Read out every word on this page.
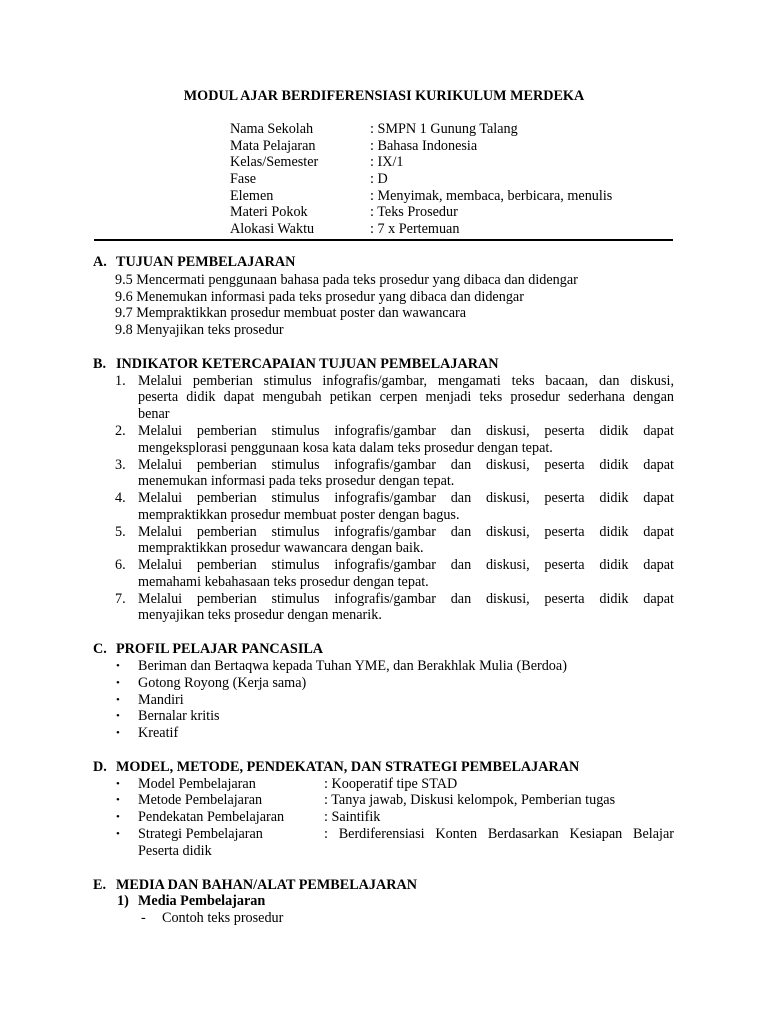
MODUL AJAR BERDIFERENSIASI KURIKULUM MERDEKA
Nama Sekolah	: SMPN 1 Gunung Talang
Mata Pelajaran	: Bahasa Indonesia
Kelas/Semester	: IX/1
Fase	: D
Elemen	: Menyimak, membaca, berbicara, menulis
Materi Pokok	: Teks Prosedur
Alokasi Waktu	: 7 x Pertemuan
A. TUJUAN PEMBELAJARAN
9.5 Mencermati penggunaan bahasa pada teks prosedur yang dibaca dan didengar
9.6 Menemukan informasi pada teks prosedur yang dibaca dan didengar
9.7 Mempraktikkan prosedur membuat poster dan wawancara
9.8 Menyajikan teks prosedur
B. INDIKATOR KETERCAPAIAN TUJUAN PEMBELAJARAN
1. Melalui pemberian stimulus infografis/gambar, mengamati teks bacaan, dan diskusi,
peserta didik dapat mengubah petikan cerpen menjadi teks prosedur sederhana dengan
benar
2. Melalui pemberian stimulus infografis/gambar dan diskusi, peserta didik dapat
mengeksplorasi penggunaan kosa kata dalam teks prosedur dengan tepat.
3. Melalui pemberian stimulus infografis/gambar dan diskusi, peserta didik dapat
menemukan informasi pada teks prosedur dengan tepat.
4. Melalui pemberian stimulus infografis/gambar dan diskusi, peserta didik dapat
mempraktikkan prosedur membuat poster dengan bagus.
5. Melalui pemberian stimulus infografis/gambar dan diskusi, peserta didik dapat
mempraktikkan prosedur wawancara dengan baik.
6. Melalui pemberian stimulus infografis/gambar dan diskusi, peserta didik dapat
memahami kebahasaan teks prosedur dengan tepat.
7. Melalui pemberian stimulus infografis/gambar dan diskusi, peserta didik dapat
menyajikan teks prosedur dengan menarik.
C. PROFIL PELAJAR PANCASILA
• Beriman dan Bertaqwa kepada Tuhan YME, dan Berakhlak Mulia (Berdoa)
• Gotong Royong (Kerja sama)
• Mandiri
• Bernalar kritis
• Kreatif
D. MODEL, METODE, PENDEKATAN, DAN STRATEGI PEMBELAJARAN
• Model Pembelajaran	: Kooperatif tipe STAD
• Metode Pembelajaran	: Tanya jawab, Diskusi kelompok, Pemberian tugas
• Pendekatan Pembelajaran	: Saintifik
• Strategi Pembelajaran	: Berdiferensiasi Konten Berdasarkan Kesiapan Belajar
Peserta didik
E. MEDIA DAN BAHAN/ALAT PEMBELAJARAN
1) Media Pembelajaran
- Contoh teks prosedur
